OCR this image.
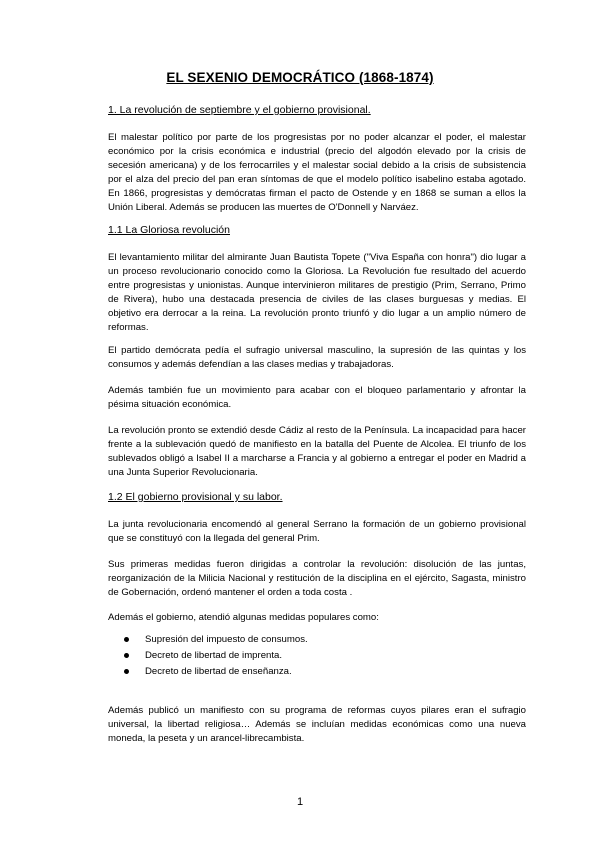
EL SEXENIO DEMOCRÁTICO (1868-1874)
1. La revolución de septiembre y el gobierno provisional.

El malestar político por parte de los progresistas por no poder alcanzar el poder, el malestar económico por la crisis económica e industrial (precio del algodón elevado por la crisis de secesión americana) y de los ferrocarriles y el malestar social debido a la crisis de subsistencia por el alza del precio del pan eran síntomas de que el modelo político isabelino estaba agotado. En 1866, progresistas y demócratas firman el pacto de Ostende y en 1868 se suman a ellos la Unión Liberal. Además se producen las muertes de O'Donnell y Narváez.

1.1 La Gloriosa revolución

El levantamiento militar del almirante Juan Bautista Topete ("Viva España con honra") dio lugar a un proceso revolucionario conocido como la Gloriosa. La Revolución fue resultado del acuerdo entre progresistas y unionistas. Aunque intervinieron militares de prestigio (Prim, Serrano, Primo de Rivera), hubo una destacada presencia de civiles de las clases burguesas y medias. El objetivo era derrocar a la reina. La revolución pronto triunfó y dio lugar a un amplio número de reformas.

El partido demócrata pedía el sufragio universal masculino, la supresión de las quintas y los consumos y además defendían a las clases medias y trabajadoras.

Además también fue un movimiento para acabar con el bloqueo parlamentario y afrontar la pésima situación económica.

La revolución pronto se extendió desde Cádiz al resto de la Península. La incapacidad para hacer frente a la sublevación quedó de manifiesto en la batalla del Puente de Alcolea. El triunfo de los sublevados obligó a Isabel II a marcharse a Francia y al gobierno a entregar el poder en Madrid a una Junta Superior Revolucionaria.

1.2 El gobierno provisional y su labor.

La junta revolucionaria encomendó al general Serrano la formación de un gobierno provisional que se constituyó con la llegada del general Prim.

Sus primeras medidas fueron dirigidas a controlar la revolución: disolución de las juntas, reorganización de la Milicia Nacional y restitución de la disciplina en el ejército, Sagasta, ministro de Gobernación, ordenó mantener el orden a toda costa .

Además el gobierno, atendió algunas medidas populares como:

Supresión del impuesto de consumos.
Decreto de libertad de imprenta.
Decreto de libertad de enseñanza.

Además publicó un manifiesto con su programa de reformas cuyos pilares eran el sufragio universal, la libertad religiosa… Además se incluían medidas económicas como una nueva moneda, la peseta y un arancel-librecambista.

1
